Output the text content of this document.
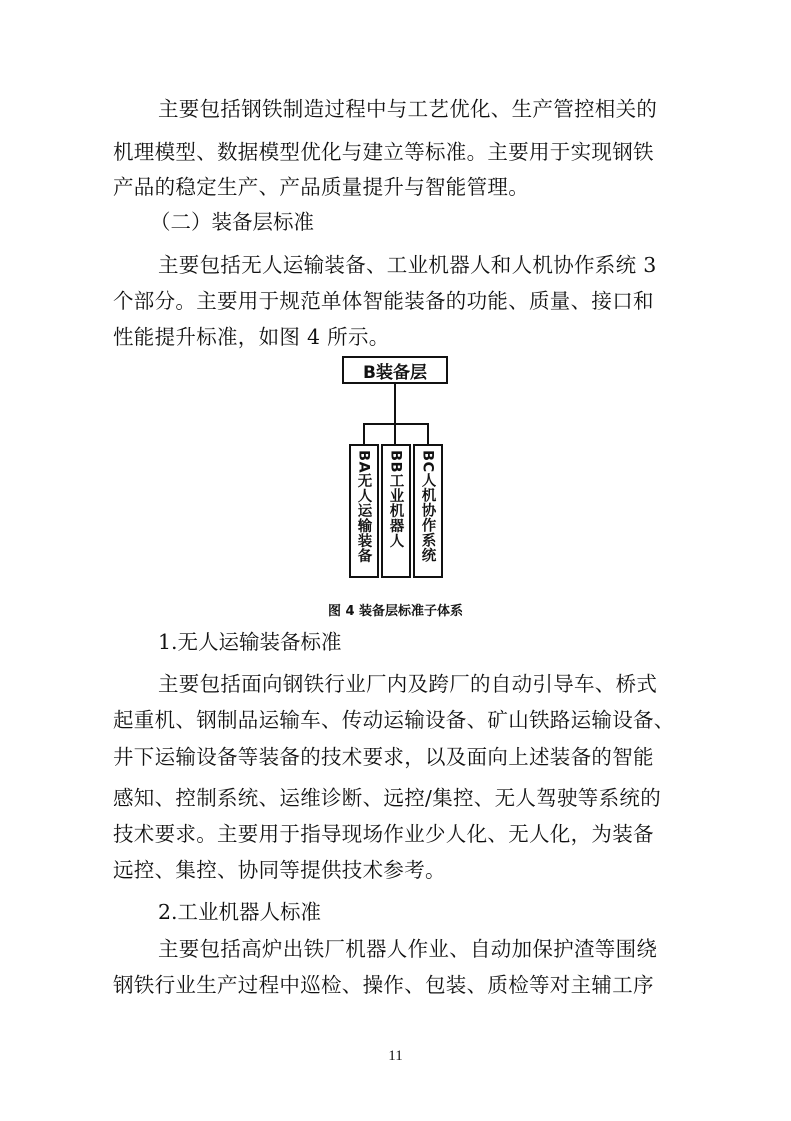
主要包括钢铁制造过程中与工艺优化、生产管控相关的
机理模型、数据模型优化与建立等标准。主要用于实现钢铁
产品的稳定生产、产品质量提升与智能管理。
（二）装备层标准
主要包括无人运输装备、工业机器人和人机协作系统 3
个部分。主要用于规范单体智能装备的功能、质量、接口和
性能提升标准，如图 4 所示。
B装备层
BA无人运输装备 BB工业机器人 BC人机协作系统
图 4 装备层标准子体系
1.无人运输装备标准
主要包括面向钢铁行业厂内及跨厂的自动引导车、桥式
起重机、钢制品运输车、传动运输设备、矿山铁路运输设备、
井下运输设备等装备的技术要求，以及面向上述装备的智能
感知、控制系统、运维诊断、远控/集控、无人驾驶等系统的
技术要求。主要用于指导现场作业少人化、无人化，为装备
远控、集控、协同等提供技术参考。
2.工业机器人标准
主要包括高炉出铁厂机器人作业、自动加保护渣等围绕
钢铁行业生产过程中巡检、操作、包装、质检等对主辅工序
11
